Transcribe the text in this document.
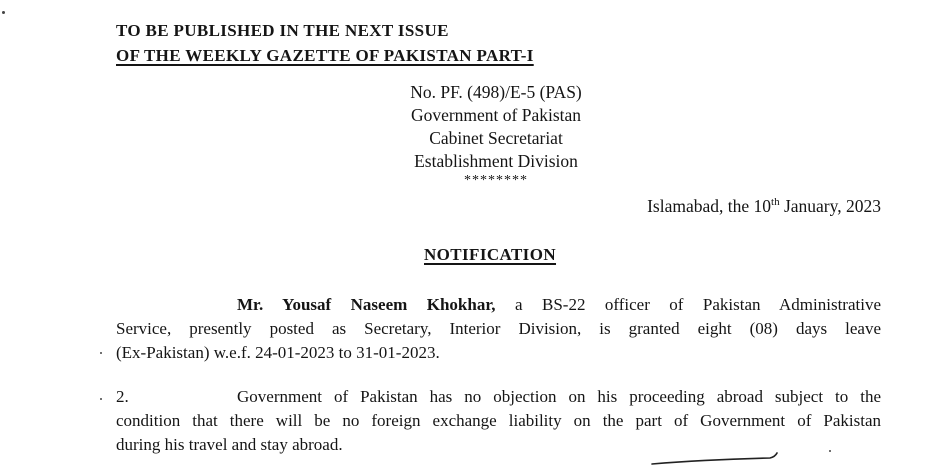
TO BE PUBLISHED IN THE NEXT ISSUE
OF THE WEEKLY GAZETTE OF PAKISTAN PART-I
No. PF. (498)/E-5 (PAS)
Government of Pakistan
Cabinet Secretariat
Establishment Division
********
Islamabad, the 10th January, 2023
NOTIFICATION
Mr. Yousaf Naseem Khokhar, a BS-22 officer of Pakistan Administrative
Service, presently posted as Secretary, Interior Division, is granted eight (08) days leave
(Ex-Pakistan) w.e.f. 24-01-2023 to 31-01-2023.
2.	Government of Pakistan has no objection on his proceeding abroad subject to the
condition that there will be no foreign exchange liability on the part of Government of Pakistan
during his travel and stay abroad.
